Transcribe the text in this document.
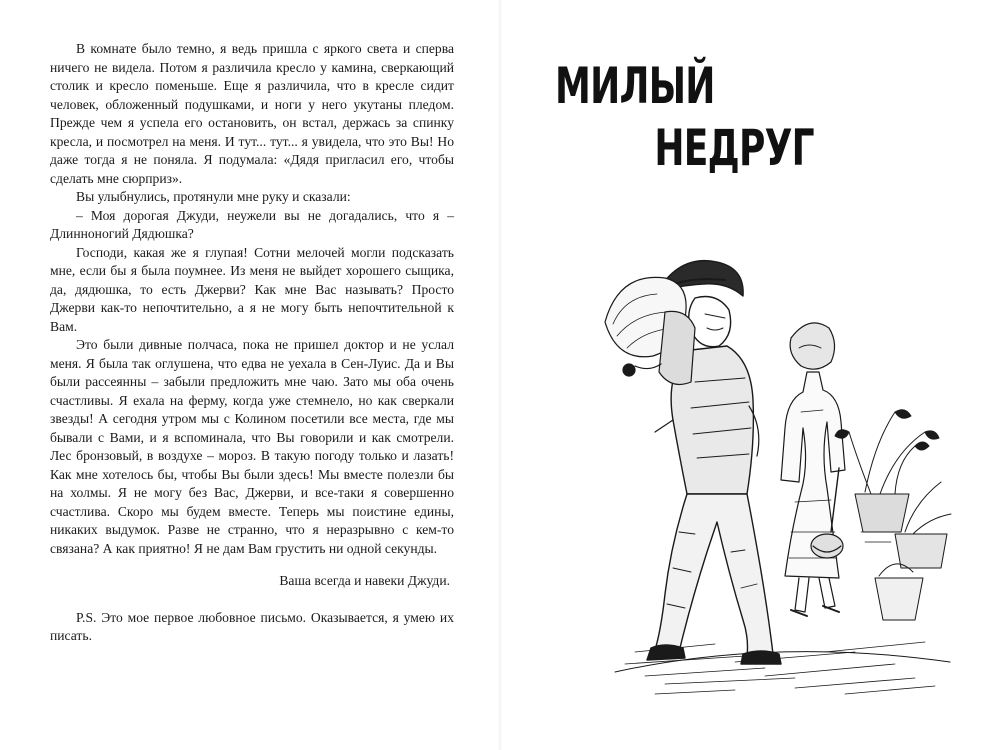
В комнате было темно, я ведь пришла с яркого света и сперва ничего не видела. Потом я различила кресло у камина, сверкающий столик и кресло поменьше. Еще я различила, что в кресле сидит человек, обложенный подушками, и ноги у него укутаны пледом. Прежде чем я успела его остановить, он встал, держась за спинку кресла, и посмотрел на меня. И тут... тут... я увидела, что это Вы! Но даже тогда я не поняла. Я подумала: «Дядя пригласил его, чтобы сделать мне сюрприз».

Вы улыбнулись, протянули мне руку и сказали:

– Моя дорогая Джуди, неужели вы не догадались, что я – Длинноногий Дядюшка?

Господи, какая же я глупая! Сотни мелочей могли подсказать мне, если бы я была поумнее. Из меня не выйдет хорошего сыщика, да, дядюшка, то есть Джерви? Как мне Вас называть? Просто Джерви как-то непочтительно, а я не могу быть непочтительной к Вам.

Это были дивные полчаса, пока не пришел доктор и не услал меня. Я была так оглушена, что едва не уехала в Сен-Луис. Да и Вы были рассеянны – забыли предложить мне чаю. Зато мы оба очень счастливы. Я ехала на ферму, когда уже стемнело, но как сверкали звезды! А сегодня утром мы с Колином посетили все места, где мы бывали с Вами, и я вспоминала, что Вы говорили и как смотрели. Лес бронзовый, в воздухе – мороз. В такую погоду только и лазать! Как мне хотелось бы, чтобы Вы были здесь! Мы вместе полезли бы на холмы. Я не могу без Вас, Джерви, и все-таки я совершенно счастлива. Скоро мы будем вместе. Теперь мы поистине едины, никаких выдумок. Разве не странно, что я неразрывно с кем-то связана? А как приятно! Я не дам Вам грустить ни одной секунды.

Ваша всегда и навеки Джуди.

P.S. Это мое первое любовное письмо. Оказывается, я умею их писать.

МИЛЫЙ
НЕДРУГ
